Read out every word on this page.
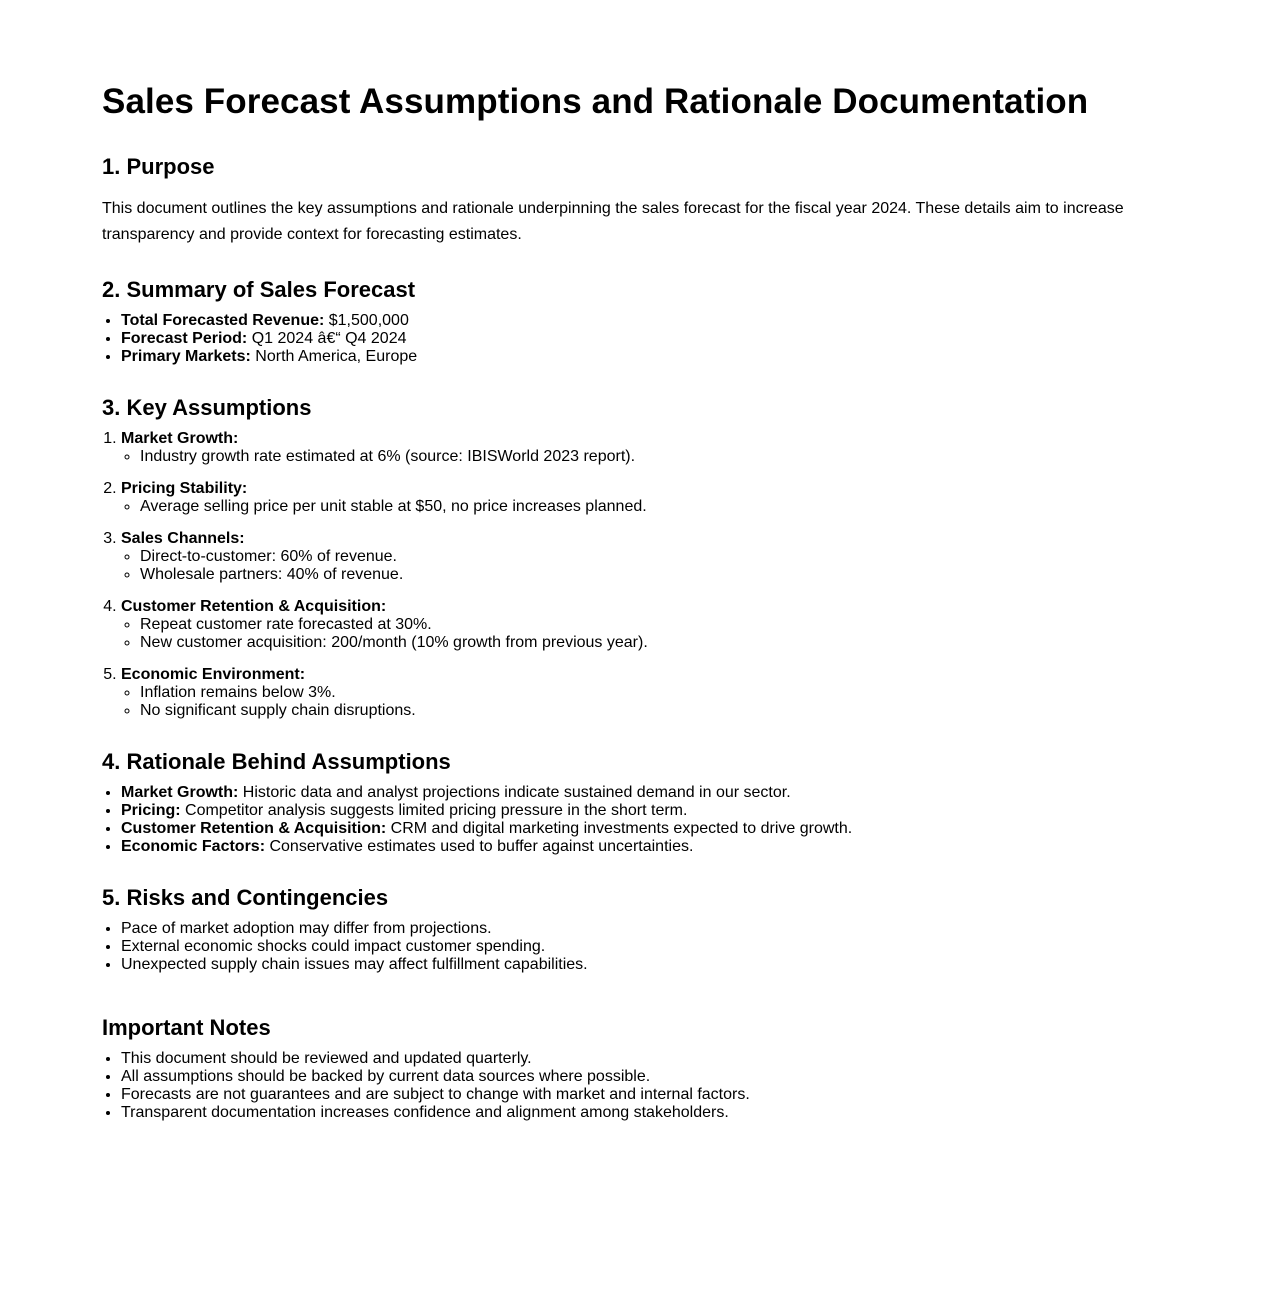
Sales Forecast Assumptions and Rationale Documentation
1. Purpose

This document outlines the key assumptions and rationale underpinning the sales forecast for the fiscal year 2024. These details aim to increase transparency and provide context for forecasting estimates.

2. Summary of Sales Forecast
• Total Forecasted Revenue: $1,500,000
• Forecast Period: Q1 2024 â€“ Q4 2024
• Primary Markets: North America, Europe
3. Key Assumptions
1. Market Growth:
◦ Industry growth rate estimated at 6% (source: IBISWorld 2023 report).
2. Pricing Stability:
◦ Average selling price per unit stable at $50, no price increases planned.
3. Sales Channels:
◦ Direct-to-customer: 60% of revenue.
◦ Wholesale partners: 40% of revenue.
4. Customer Retention & Acquisition:
◦ Repeat customer rate forecasted at 30%.
◦ New customer acquisition: 200/month (10% growth from previous year).
5. Economic Environment:
◦ Inflation remains below 3%.
◦ No significant supply chain disruptions.
4. Rationale Behind Assumptions
• Market Growth: Historic data and analyst projections indicate sustained demand in our sector.
• Pricing: Competitor analysis suggests limited pricing pressure in the short term.
• Customer Retention & Acquisition: CRM and digital marketing investments expected to drive growth.
• Economic Factors: Conservative estimates used to buffer against uncertainties.
5. Risks and Contingencies
• Pace of market adoption may differ from projections.
• External economic shocks could impact customer spending.
• Unexpected supply chain issues may affect fulfillment capabilities.
Important Notes
• This document should be reviewed and updated quarterly.
• All assumptions should be backed by current data sources where possible.
• Forecasts are not guarantees and are subject to change with market and internal factors.
• Transparent documentation increases confidence and alignment among stakeholders.
